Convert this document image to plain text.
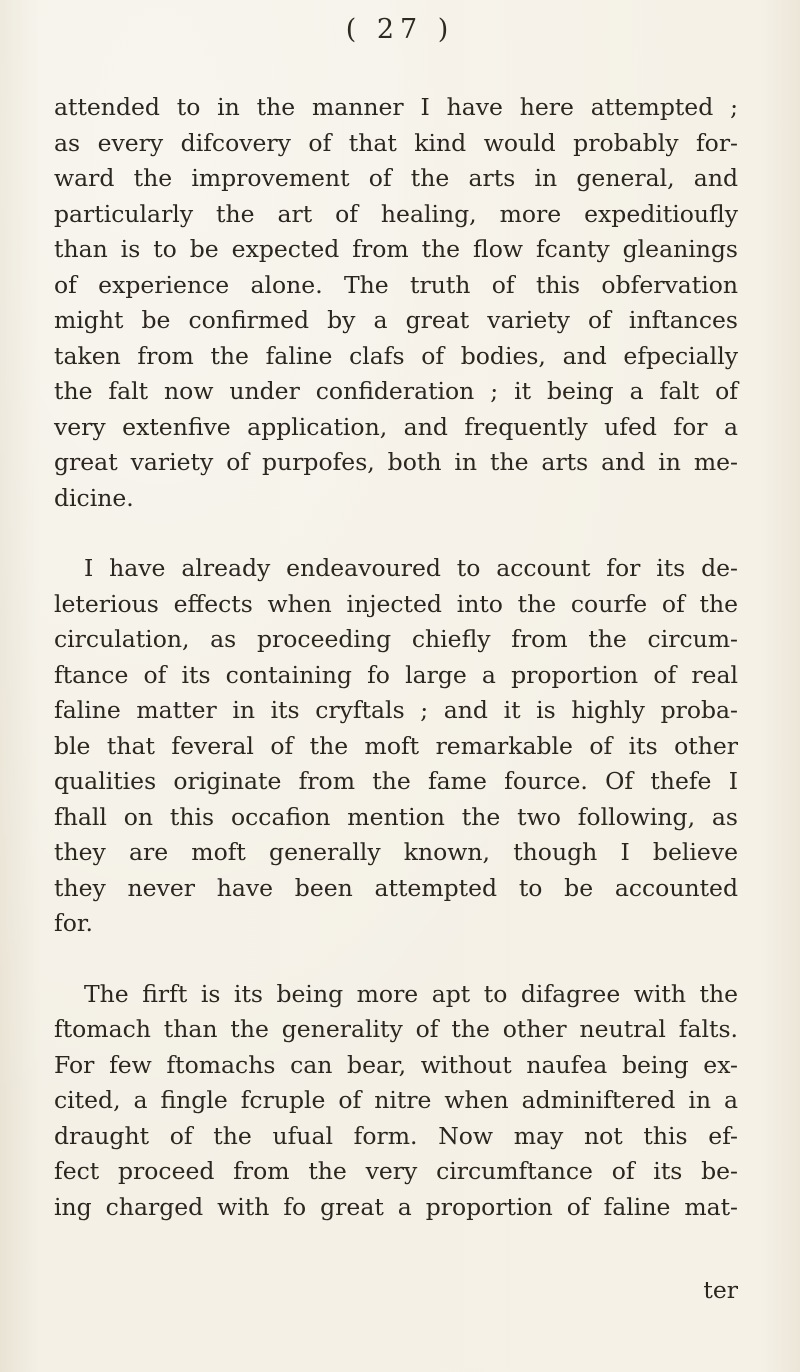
( 27 )
attended to in the manner I have here attempted ;
as every difcovery of that kind would probably for-
ward the improvement of the arts in general, and
particularly the art of healing, more expeditioufly
than is to be expected from the flow fcanty gleanings
of experience alone. The truth of this obfervation
might be confirmed by a great variety of inftances
taken from the faline clafs of bodies, and efpecially
the falt now under confideration ; it being a falt of
very extenfive application, and frequently ufed for a
great variety of purpofes, both in the arts and in me-
dicine.
I have already endeavoured to account for its de-
leterious effects when injected into the courfe of the
circulation, as proceeding chiefly from the circum-
ftance of its containing fo large a proportion of real
faline matter in its cryftals ; and it is highly proba-
ble that feveral of the moft remarkable of its other
qualities originate from the fame fource. Of thefe I
fhall on this occafion mention the two following, as
they are moft generally known, though I believe
they never have been attempted to be accounted
for.
The firft is its being more apt to difagree with the
ftomach than the generality of the other neutral falts.
For few ftomachs can bear, without naufea being ex-
cited, a fingle fcruple of nitre when adminiftered in a
draught of the ufual form. Now may not this ef-
fect proceed from the very circumftance of its be-
ing charged with fo great a proportion of faline mat-
ter
